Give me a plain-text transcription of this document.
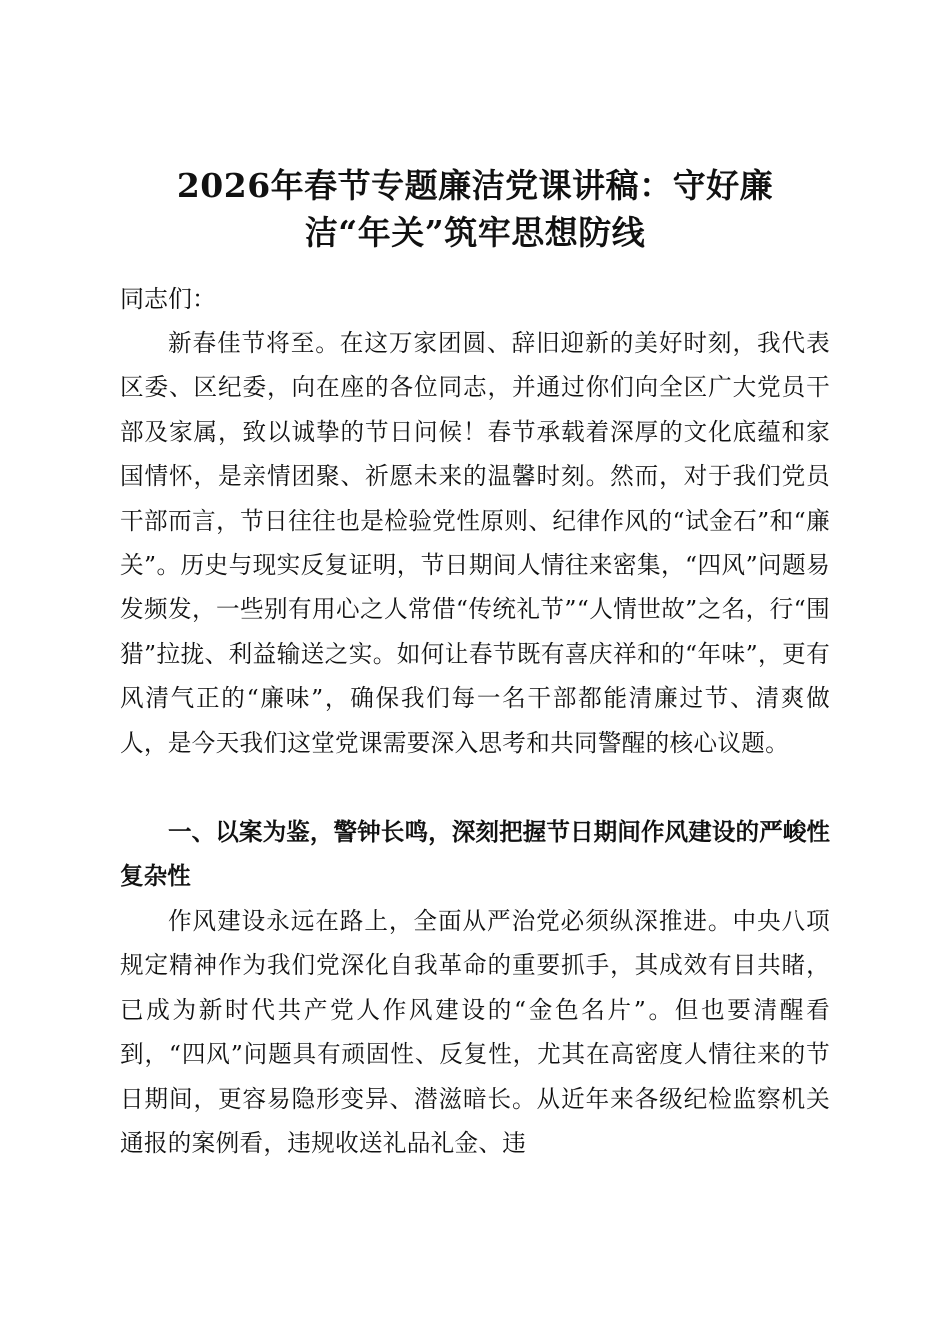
2026年春节专题廉洁党课讲稿：守好廉
洁“年关”筑牢思想防线

同志们：

新春佳节将至。在这万家团圆、辞旧迎新的美好时刻，我代表区委、区纪委，向在座的各位同志，并通过你们向全区广大党员干部及家属，致以诚挚的节日问候！春节承载着深厚的文化底蕴和家国情怀，是亲情团聚、祈愿未来的温馨时刻。然而，对于我们党员干部而言，节日往往也是检验党性原则、纪律作风的“试金石”和“廉关”。历史与现实反复证明，节日期间人情往来密集，“四风”问题易发频发，一些别有用心之人常借“传统礼节”“人情世故”之名，行“围猎”拉拢、利益输送之实。如何让春节既有喜庆祥和的“年味”，更有风清气正的“廉味”，确保我们每一名干部都能清廉过节、清爽做人，是今天我们这堂党课需要深入思考和共同警醒的核心议题。

一、以案为鉴，警钟长鸣，深刻把握节日期间作风建设的严峻性复杂性

作风建设永远在路上，全面从严治党必须纵深推进。中央八项规定精神作为我们党深化自我革命的重要抓手，其成效有目共睹，已成为新时代共产党人作风建设的“金色名片”。但也要清醒看到，“四风”问题具有顽固性、反复性，尤其在高密度人情往来的节日期间，更容易隐形变异、潜滋暗长。从近年来各级纪检监察机关通报的案例看，违规收送礼品礼金、违
